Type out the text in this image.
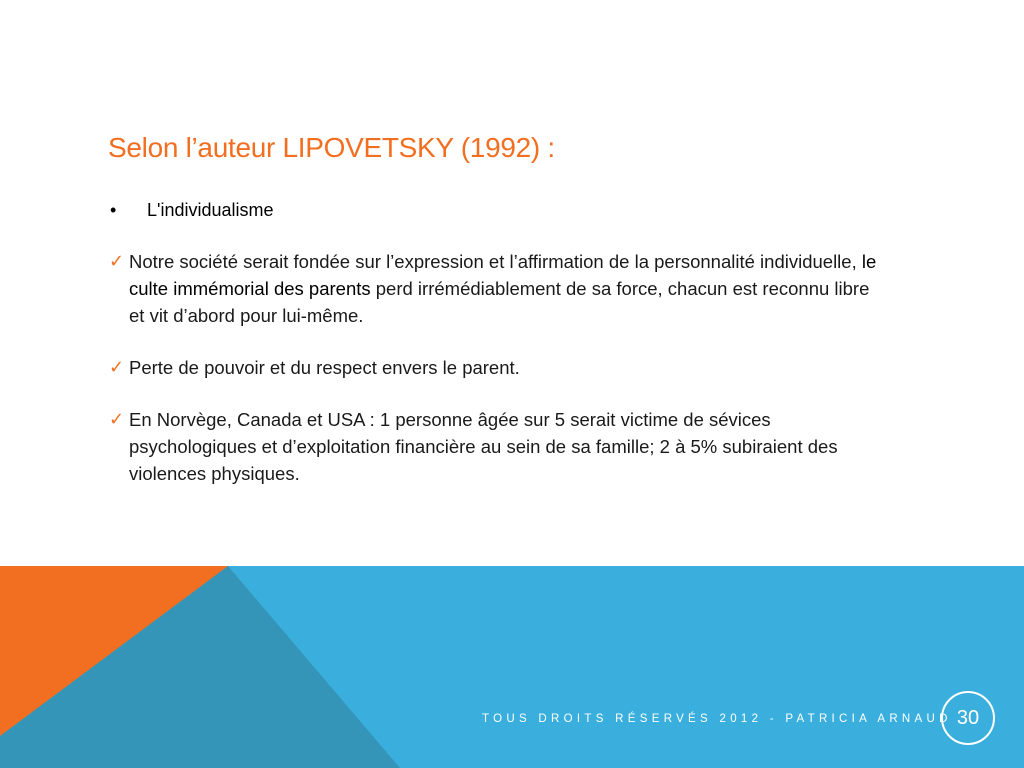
Selon l’auteur LIPOVETSKY (1992) :
• L'individualisme
✓ Notre société serait fondée sur l’expression et l’affirmation de la personnalité individuelle, le culte immémorial des parents perd irrémédiablement de sa force, chacun est reconnu libre et vit d’abord pour lui-même.
✓ Perte de pouvoir et du respect envers le parent.
✓ En Norvège, Canada et USA : 1 personne âgée sur 5 serait victime de sévices psychologiques et d’exploitation financière au sein de sa famille; 2 à 5% subiraient des violences physiques.
TOUS DROITS RÉSERVÉS 2012 - PATRICIA ARNAUD 30
